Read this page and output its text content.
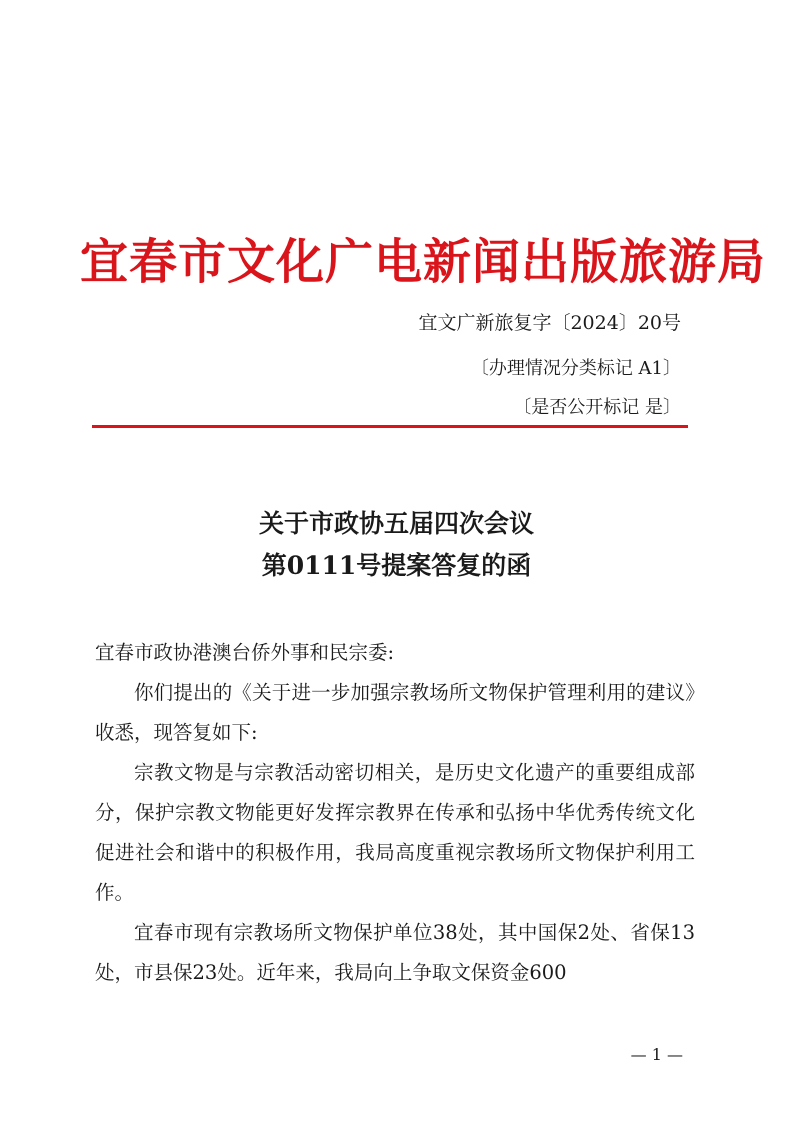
宜春市文化广电新闻出版旅游局
宜文广新旅复字〔2024〕20号
〔办理情况分类标记 A1〕
〔是否公开标记 是〕
关于市政协五届四次会议
第0111号提案答复的函

宜春市政协港澳台侨外事和民宗委:

你们提出的《关于进一步加强宗教场所文物保护管理利用的建议》收悉，现答复如下:

宗教文物是与宗教活动密切相关，是历史文化遗产的重要组成部分，保护宗教文物能更好发挥宗教界在传承和弘扬中华优秀传统文化促进社会和谐中的积极作用，我局高度重视宗教场所文物保护利用工作。

宜春市现有宗教场所文物保护单位38处，其中国保2处、省保13处，市县保23处。近年来，我局向上争取文保资金600

— 1 —
